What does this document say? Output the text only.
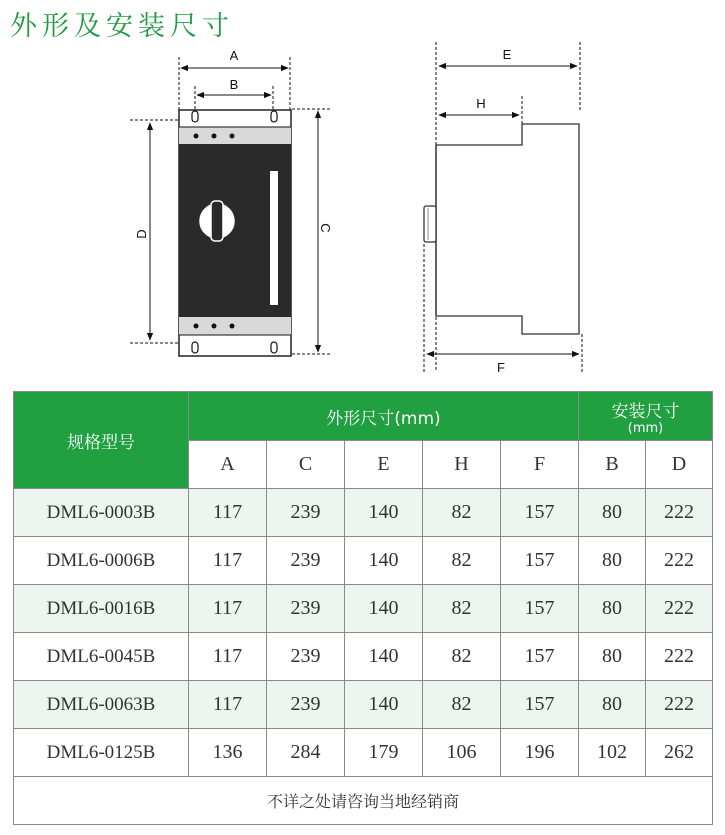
外形及安装尺寸
A
B
D
C
E
H
F
规格型号	外形尺寸(mm)					安装尺寸
(mm)	

	A	C	E	H	F	B	D
DML6-0003B	117	239	140	82	157	80	222
DML6-0006B	117	239	140	82	157	80	222
DML6-0016B	117	239	140	82	157	80	222
DML6-0045B	117	239	140	82	157	80	222
DML6-0063B	117	239	140	82	157	80	222
DML6-0125B	136	284	179	106	196	102	262
不详之处请咨询当地经销商							
